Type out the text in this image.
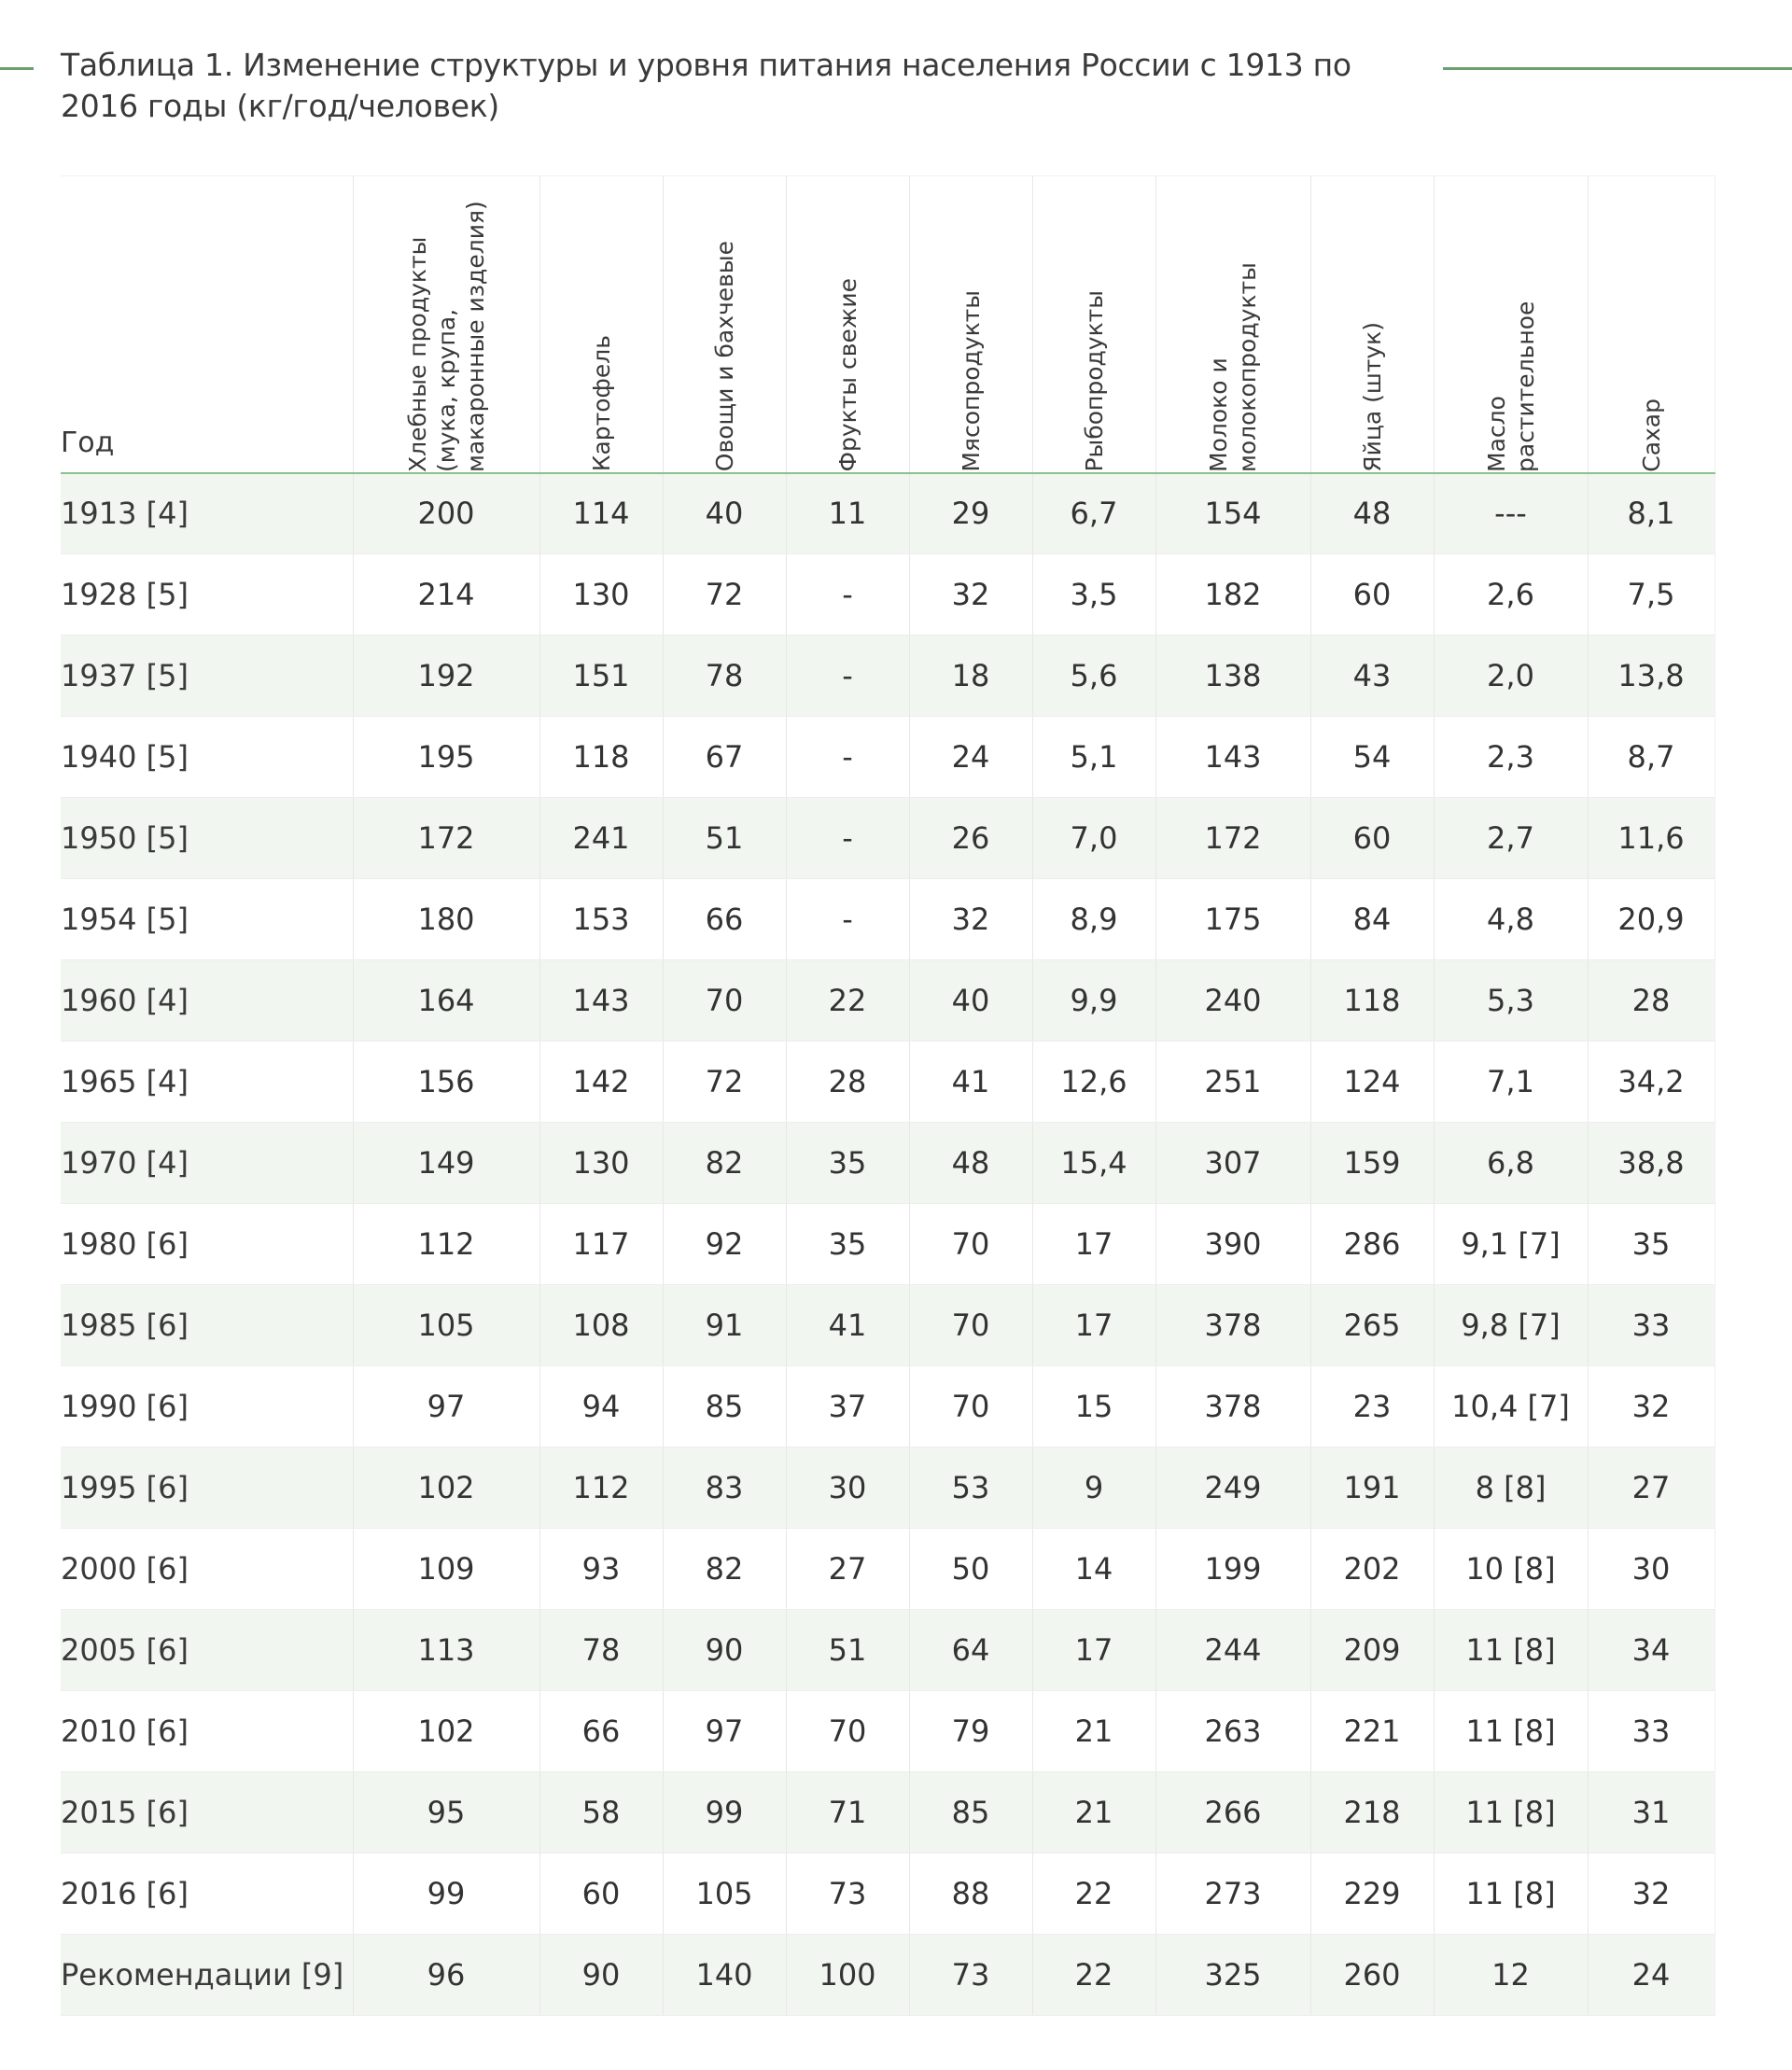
Таблица 1. Изменение структуры и уровня питания населения России с 1913 по 2016 годы (кг/год/человек)
Год	Хлебные продукты (мука, крупа, макаронные изделия)	Картофель	Овощи и бахчевые	Фрукты свежие	Мясопродукты	Рыбопродукты	Молоко и молокопродукты	Яйца (штук)	Масло растительное	Сахар

1913 [4]	200	114	40	11	29	6,7	154	48	---	8,1
1928 [5]	214	130	72	-	32	3,5	182	60	2,6	7,5
1937 [5]	192	151	78	-	18	5,6	138	43	2,0	13,8
1940 [5]	195	118	67	-	24	5,1	143	54	2,3	8,7
1950 [5]	172	241	51	-	26	7,0	172	60	2,7	11,6
1954 [5]	180	153	66	-	32	8,9	175	84	4,8	20,9
1960 [4]	164	143	70	22	40	9,9	240	118	5,3	28
1965 [4]	156	142	72	28	41	12,6	251	124	7,1	34,2
1970 [4]	149	130	82	35	48	15,4	307	159	6,8	38,8
1980 [6]	112	117	92	35	70	17	390	286	9,1 [7]	35
1985 [6]	105	108	91	41	70	17	378	265	9,8 [7]	33
1990 [6]	97	94	85	37	70	15	378	23	10,4 [7]	32
1995 [6]	102	112	83	30	53	9	249	191	8 [8]	27
2000 [6]	109	93	82	27	50	14	199	202	10 [8]	30
2005 [6]	113	78	90	51	64	17	244	209	11 [8]	34
2010 [6]	102	66	97	70	79	21	263	221	11 [8]	33
2015 [6]	95	58	99	71	85	21	266	218	11 [8]	31
2016 [6]	99	60	105	73	88	22	273	229	11 [8]	32
Рекомендации [9]	96	90	140	100	73	22	325	260	12	24
